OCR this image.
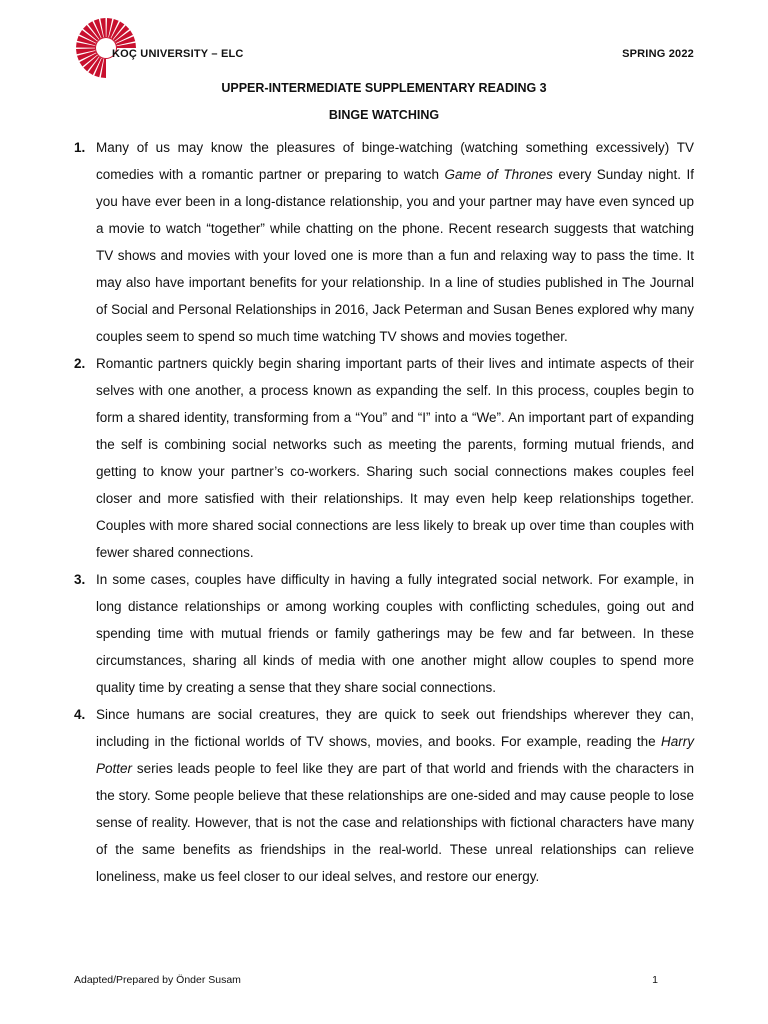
KOÇ UNIVERSITY – ELC	SPRING 2022
UPPER-INTERMEDIATE SUPPLEMENTARY READING 3
BINGE WATCHING
1. Many of us may know the pleasures of binge-watching (watching something excessively) TV comedies with a romantic partner or preparing to watch Game of Thrones every Sunday night. If you have ever been in a long-distance relationship, you and your partner may have even synced up a movie to watch “together” while chatting on the phone. Recent research suggests that watching TV shows and movies with your loved one is more than a fun and relaxing way to pass the time. It may also have important benefits for your relationship. In a line of studies published in The Journal of Social and Personal Relationships in 2016, Jack Peterman and Susan Benes explored why many couples seem to spend so much time watching TV shows and movies together.

2. Romantic partners quickly begin sharing important parts of their lives and intimate aspects of their selves with one another, a process known as expanding the self. In this process, couples begin to form a shared identity, transforming from a “You” and “I” into a “We”. An important part of expanding the self is combining social networks such as meeting the parents, forming mutual friends, and getting to know your partner’s co-workers. Sharing such social connections makes couples feel closer and more satisfied with their relationships. It may even help keep relationships together. Couples with more shared social connections are less likely to break up over time than couples with fewer shared connections.

3. In some cases, couples have difficulty in having a fully integrated social network. For example, in long distance relationships or among working couples with conflicting schedules, going out and spending time with mutual friends or family gatherings may be few and far between. In these circumstances, sharing all kinds of media with one another might allow couples to spend more quality time by creating a sense that they share social connections.

4. Since humans are social creatures, they are quick to seek out friendships wherever they can, including in the fictional worlds of TV shows, movies, and books. For example, reading the Harry Potter series leads people to feel like they are part of that world and friends with the characters in the story. Some people believe that these relationships are one-sided and may cause people to lose sense of reality. However, that is not the case and relationships with fictional characters have many of the same benefits as friendships in the real-world. These unreal relationships can relieve loneliness, make us feel closer to our ideal selves, and restore our energy.

Adapted/Prepared by Önder Susam	1
